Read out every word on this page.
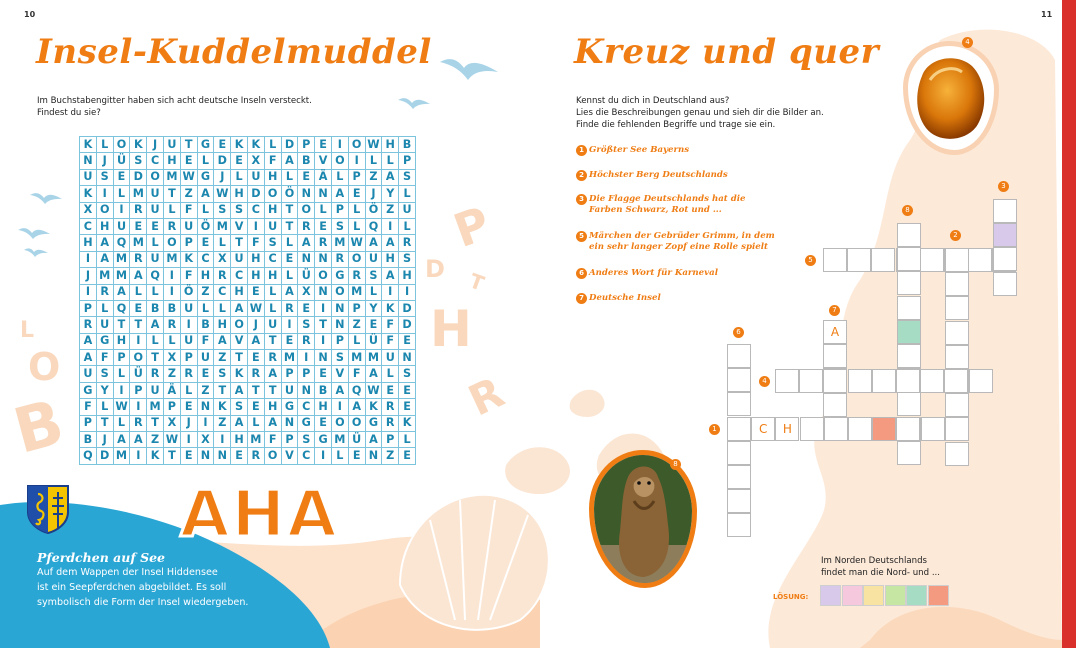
B
O
L
P
D T
H
R
10
Insel-Kuddelmuddel
Im Buchstabengitter haben sich acht deutsche Inseln versteckt.
Findest du sie?
K	L	O	K	J	U	T	G	E	K	K	L	D	P	E	I	O	W	H	B
N	J	Ü	S	C	H	E	L	D	E	X	F	A	B	V	O	I	L	L	P
U	S	E	D	O	M	W	G	J	L	U	H	L	E	Ä	L	P	Z	A	S
K	I	L	M	U	T	Z	A	W	H	D	O	Ö	N	N	A	E	J	Y	L
X	O	I	R	U	L	F	L	S	S	C	H	T	O	L	P	L	Ö	Z	U
C	H	U	E	E	R	U	Ö	M	V	I	U	T	R	E	S	L	Q	I	L
H	A	Q	M	L	O	P	E	L	T	F	S	L	A	R	M	W	A	A	R
I	A	M	R	U	M	K	C	X	U	H	C	E	N	N	R	O	U	H	S
J	M	M	A	Q	I	F	H	R	C	H	H	L	Ü	O	G	R	S	A	H
I	R	A	L	L	I	Ö	Z	C	H	E	L	A	X	N	O	M	L	I	I
P	L	Q	E	B	B	U	L	L	A	W	L	R	E	I	N	P	Y	K	D
R	U	T	T	A	R	I	B	H	O	J	U	I	S	T	N	Z	E	F	D
A	G	H	I	L	L	U	F	A	V	A	T	E	R	I	P	L	Ü	F	E
A	F	P	O	T	X	P	U	Z	T	E	R	M	I	N	S	M	M	U	N
U	S	L	Ü	R	Z	R	E	S	K	R	A	P	P	E	V	F	A	L	S
G	Y	I	P	U	Ä	L	Z	T	A	T	T	U	N	B	A	Q	W	E	E
F	L	W	I	M	P	E	N	K	S	E	H	G	C	H	I	A	K	R	E
P	T	L	R	T	X	J	I	Z	A	L	A	N	G	E	O	O	G	R	K
B	J	A	A	Z	W	I	X	I	H	M	F	P	S	G	M	Ü	A	P	L
Q	D	M	I	K	T	E	N	N	E	R	O	V	C	I	L	E	N	Z	E
AHA
Pferdchen auf See
Auf dem Wappen der Insel Hiddensee
ist ein Seepferdchen abgebildet. Es soll
symbolisch die Form der Insel wiedergeben.
11
Kreuz und quer
Kennst du dich in Deutschland aus?
Lies die Beschreibungen genau und sieh dir die Bilder an.
Finde die fehlenden Begriffe und trage sie ein.
1 Größter See Bayerns
2 Höchster Berg Deutschlands
3 Die Flagge Deutschlands hat die
Farben Schwarz, Rot und ...
5 Märchen der Gebrüder Grimm, in dem
ein sehr langer Zopf eine Rolle spielt
6 Anderes Wort für Karneval
7 Deutsche Insel
4
8
C	H
A
3
8
2
5
7
6
4
1
Im Norden Deutschlands
findet man die Nord- und ...
LÖSUNG:
